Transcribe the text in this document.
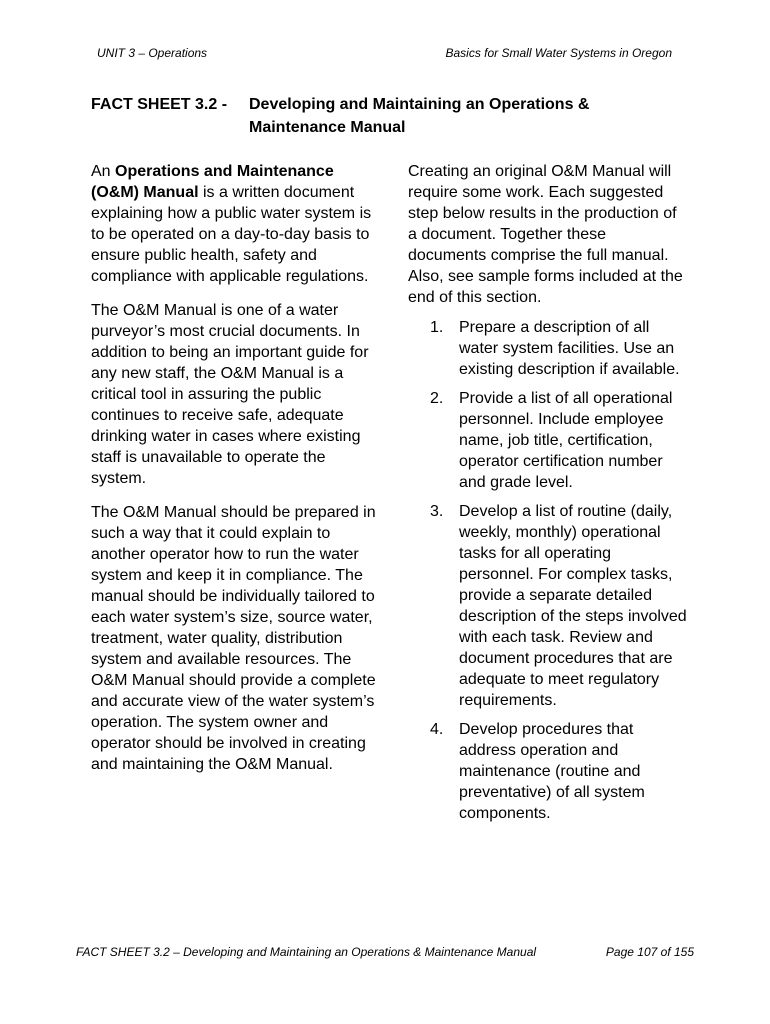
UNIT 3 – Operations	Basics for Small Water Systems in Oregon
FACT SHEET 3.2 - Developing and Maintaining an Operations & Maintenance Manual

An Operations and Maintenance (O&M) Manual is a written document explaining how a public water system is to be operated on a day-to-day basis to ensure public health, safety and compliance with applicable regulations.

The O&M Manual is one of a water purveyor’s most crucial documents. In addition to being an important guide for any new staff, the O&M Manual is a critical tool in assuring the public continues to receive safe, adequate drinking water in cases where existing staff is unavailable to operate the system.

The O&M Manual should be prepared in such a way that it could explain to another operator how to run the water system and keep it in compliance. The manual should be individually tailored to each water system’s size, source water, treatment, water quality, distribution system and available resources. The O&M Manual should provide a complete and accurate view of the water system’s operation. The system owner and operator should be involved in creating and maintaining the O&M Manual.

Creating an original O&M Manual will require some work. Each suggested step below results in the production of a document. Together these documents comprise the full manual. Also, see sample forms included at the end of this section.

1. Prepare a description of all water system facilities. Use an existing description if available.
2. Provide a list of all operational personnel. Include employee name, job title, certification, operator certification number and grade level.
3. Develop a list of routine (daily, weekly, monthly) operational tasks for all operating personnel. For complex tasks, provide a separate detailed description of the steps involved with each task. Review and document procedures that are adequate to meet regulatory requirements.
4. Develop procedures that address operation and maintenance (routine and preventative) of all system components.
FACT SHEET 3.2 – Developing and Maintaining an Operations & Maintenance Manual	Page 107 of 155
